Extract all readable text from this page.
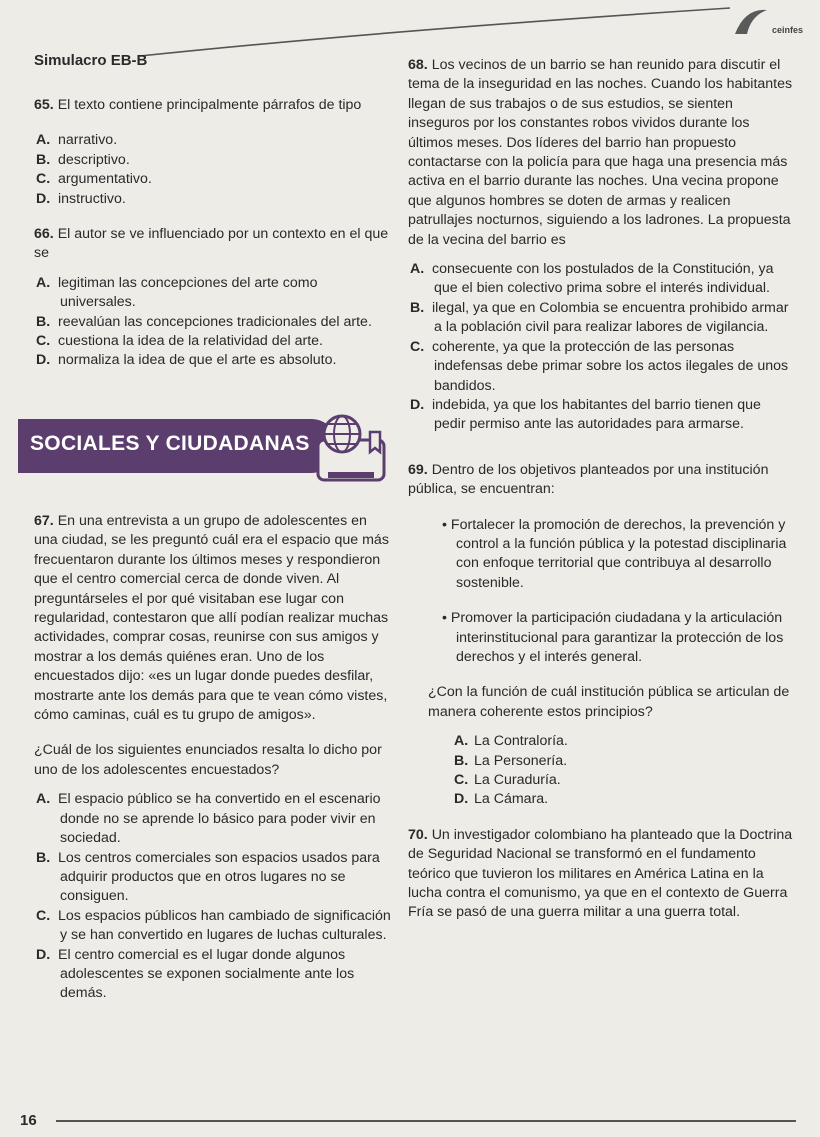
Simulacro EB-B
ceinfes

65. El texto contiene principalmente párrafos de tipo

A. narrativo.

B. descriptivo.

C. argumentativo.

D. instructivo.

66. El autor se ve influenciado por un contexto en el que se

A. legitiman las concepciones del arte como universales.

B. reevalúan las concepciones tradicionales del arte.

C. cuestiona la idea de la relatividad del arte.

D. normaliza la idea de que el arte es absoluto.

SOCIALES Y CIUDADANAS

67. En una entrevista a un grupo de adolescentes en una ciudad, se les preguntó cuál era el espacio que más frecuentaron durante los últimos meses y respondieron que el centro comercial cerca de donde viven. Al preguntárseles el por qué visitaban ese lugar con regularidad, contestaron que allí podían realizar muchas actividades, comprar cosas, reunirse con sus amigos y mostrar a los demás quiénes eran. Uno de los encuestados dijo: «es un lugar donde puedes desfilar, mostrarte ante los demás para que te vean cómo vistes, cómo caminas, cuál es tu grupo de amigos».

¿Cuál de los siguientes enunciados resalta lo dicho por uno de los adolescentes encuestados?

A. El espacio público se ha convertido en el escenario donde no se aprende lo básico para poder vivir en sociedad.

B. Los centros comerciales son espacios usados para adquirir productos que en otros lugares no se consiguen.

C. Los espacios públicos han cambiado de significación y se han convertido en lugares de luchas culturales.

D. El centro comercial es el lugar donde algunos adolescentes se exponen socialmente ante los demás.

68. Los vecinos de un barrio se han reunido para discutir el tema de la inseguridad en las noches. Cuando los habitantes llegan de sus trabajos o de sus estudios, se sienten inseguros por los constantes robos vividos durante los últimos meses. Dos líderes del barrio han propuesto contactarse con la policía para que haga una presencia más activa en el barrio durante las noches. Una vecina propone que algunos hombres se doten de armas y realicen patrullajes nocturnos, siguiendo a los ladrones. La propuesta de la vecina del barrio es

A. consecuente con los postulados de la Constitución, ya que el bien colectivo prima sobre el interés individual.

B. ilegal, ya que en Colombia se encuentra prohibido armar a la población civil para realizar labores de vigilancia.

C. coherente, ya que la protección de las personas indefensas debe primar sobre los actos ilegales de unos bandidos.

D. indebida, ya que los habitantes del barrio tienen que pedir permiso ante las autoridades para armarse.

69. Dentro de los objetivos planteados por una institución pública, se encuentran:

• Fortalecer la promoción de derechos, la prevención y control a la función pública y la potestad disciplinaria con enfoque territorial que contribuya al desarrollo sostenible.

• Promover la participación ciudadana y la articulación interinstitucional para garantizar la protección de los derechos y el interés general.

¿Con la función de cuál institución pública se articulan de manera coherente estos principios?

A. La Contraloría.

B. La Personería.

C. La Curaduría.

D. La Cámara.

70. Un investigador colombiano ha planteado que la Doctrina de Seguridad Nacional se transformó en el fundamento teórico que tuvieron los militares en América Latina en la lucha contra el comunismo, ya que en el contexto de Guerra Fría se pasó de una guerra militar a una guerra total.

16
